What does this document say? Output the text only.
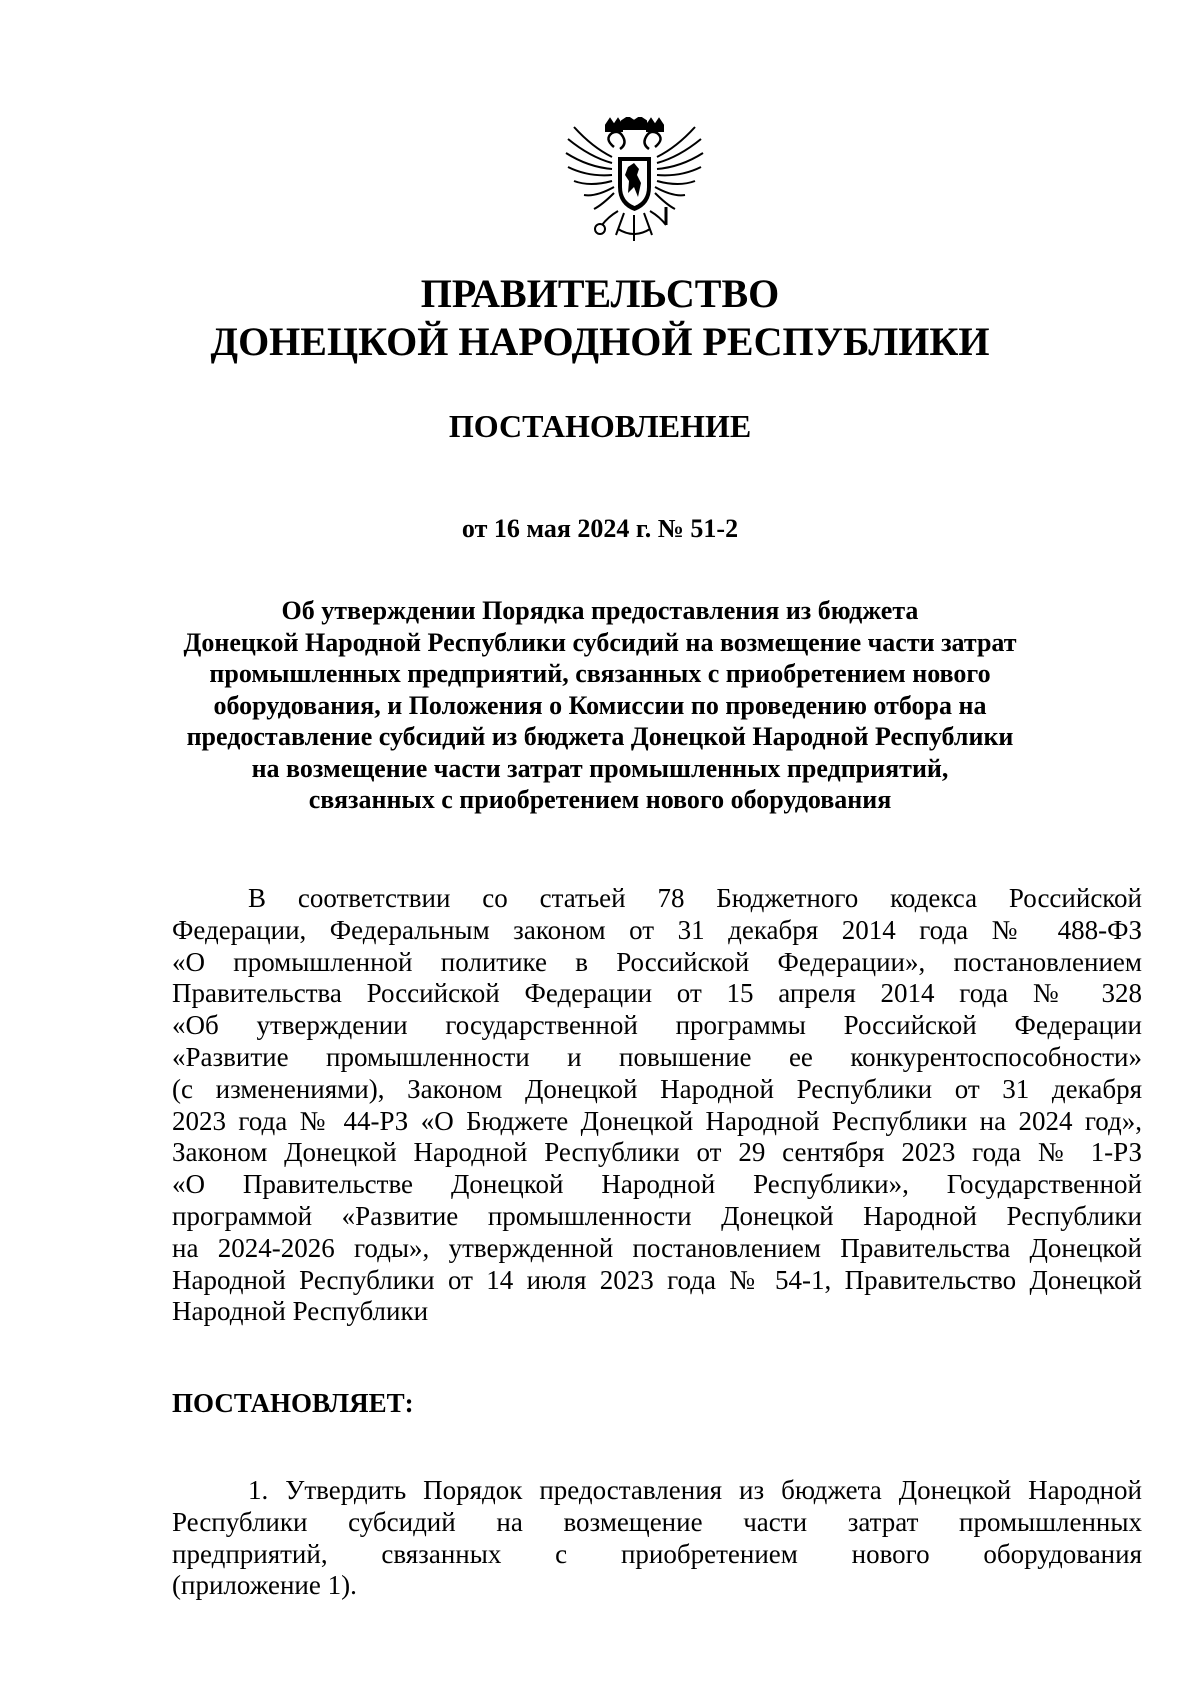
ПРАВИТЕЛЬСТВО
ДОНЕЦКОЙ НАРОДНОЙ РЕСПУБЛИКИ
ПОСТАНОВЛЕНИЕ
от 16 мая 2024 г. № 51-2
Об утверждении Порядка предоставления из бюджета
Донецкой Народной Республики субсидий на возмещение части затрат
промышленных предприятий, связанных с приобретением нового
оборудования, и Положения о Комиссии по проведению отбора на
предоставление субсидий из бюджета Донецкой Народной Республики
на возмещение части затрат промышленных предприятий,
связанных с приобретением нового оборудования
В соответствии со статьей 78 Бюджетного кодекса Российской
Федерации, Федеральным законом от 31 декабря 2014 года № 488-ФЗ
«О промышленной политике в Российской Федерации», постановлением
Правительства Российской Федерации от 15 апреля 2014 года № 328
«Об утверждении государственной программы Российской Федерации
«Развитие промышленности и повышение ее конкурентоспособности»
(с изменениями), Законом Донецкой Народной Республики от 31 декабря
2023 года № 44-РЗ «О Бюджете Донецкой Народной Республики на 2024 год»,
Законом Донецкой Народной Республики от 29 сентября 2023 года № 1-РЗ
«О Правительстве Донецкой Народной Республики», Государственной
программой «Развитие промышленности Донецкой Народной Республики
на 2024-2026 годы», утвержденной постановлением Правительства Донецкой
Народной Республики от 14 июля 2023 года № 54-1, Правительство Донецкой
Народной Республики
ПОСТАНОВЛЯЕТ:
1. Утвердить Порядок предоставления из бюджета Донецкой Народной
Республики субсидий на возмещение части затрат промышленных
предприятий, связанных с приобретением нового оборудования
(приложение 1).
